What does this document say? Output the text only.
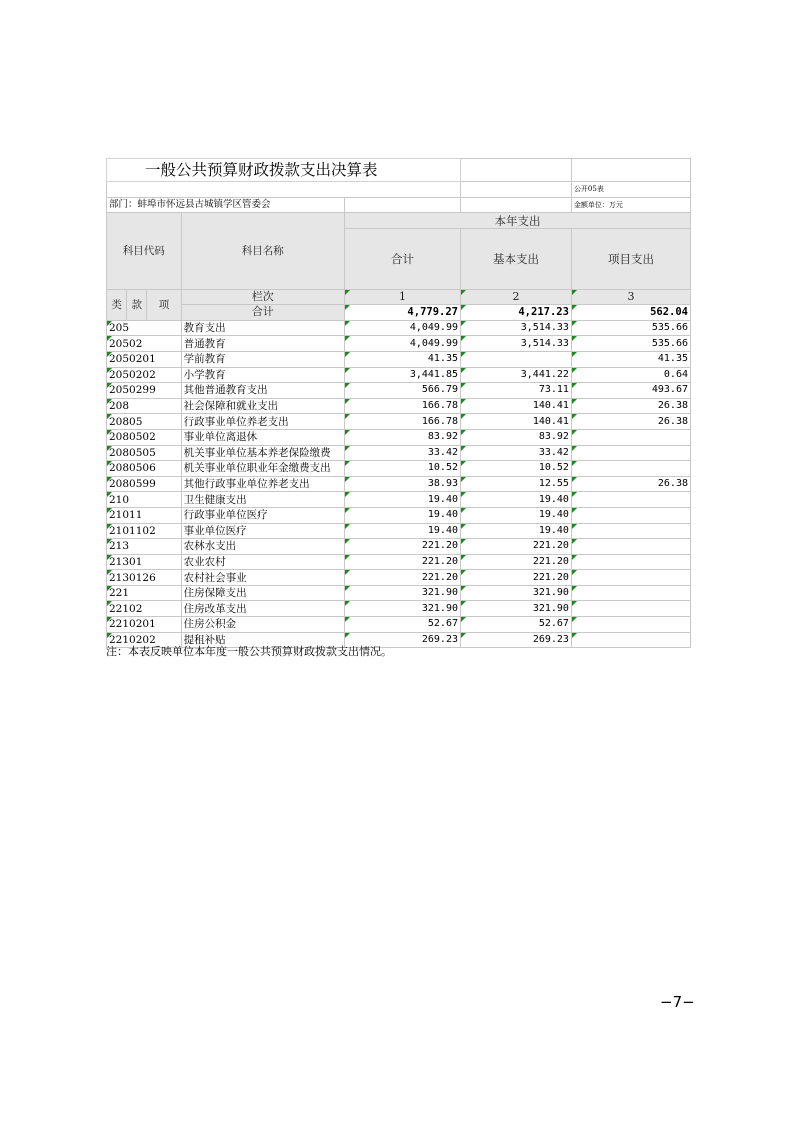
一般公共预算财政拨款支出决算表						
						公开05表
部门：蚌埠市怀远县古城镇学区管委会						金额单位：万元
科目代码			科目名称	本年支出		
				合计	基本支出	项目支出
类	款	项	栏次	1	2	3
			合计	4,779.27	4,217.23	562.04
205			教育支出	4,049.99	3,514.33	535.66
20502			普通教育	4,049.99	3,514.33	535.66
2050201			学前教育	41.35		41.35
2050202			小学教育	3,441.85	3,441.22	0.64
2050299			其他普通教育支出	566.79	73.11	493.67
208			社会保障和就业支出	166.78	140.41	26.38
20805			行政事业单位养老支出	166.78	140.41	26.38
2080502			事业单位离退休	83.92	83.92	
2080505			机关事业单位基本养老保险缴费	33.42	33.42	
2080506			机关事业单位职业年金缴费支出	10.52	10.52	
2080599			其他行政事业单位养老支出	38.93	12.55	26.38
210			卫生健康支出	19.40	19.40	
21011			行政事业单位医疗	19.40	19.40	
2101102			事业单位医疗	19.40	19.40	
213			农林水支出	221.20	221.20	
21301			农业农村	221.20	221.20	
2130126			农村社会事业	221.20	221.20	
221			住房保障支出	321.90	321.90	
22102			住房改革支出	321.90	321.90	
2210201			住房公积金	52.67	52.67	
2210202			提租补贴	269.23	269.23	
注：本表反映单位本年度一般公共预算财政拨款支出情况。
−7−
